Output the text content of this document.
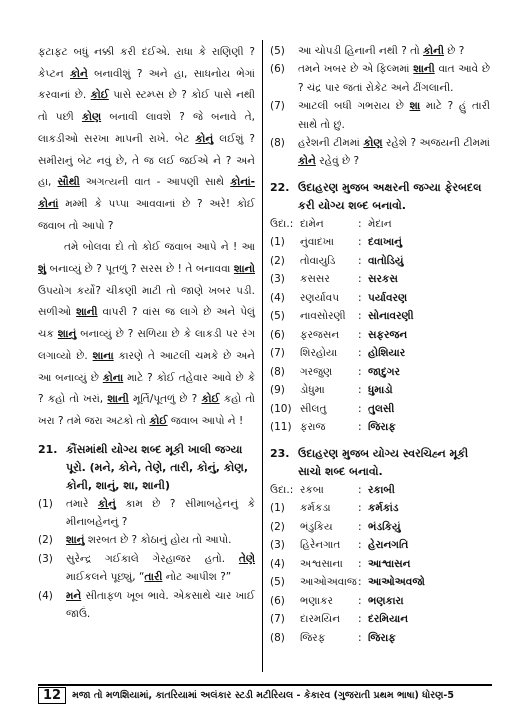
ફટાફટ બધું નક્કી કરી દઈએ. રાધા કે રાણિણી ? કેપ્ટન કોને બનાવીશું ? અને હા, સાધનોય ભેગાં કરવાનાં છે. કોઈ પાસે સ્ટમ્પ્સ છે ? કોઈ પાસે નથી તો પછી કોણ બનાવી લાવશે ? જે બનાવે તે, લાકડીઓ સરખા માપની રાખે. બેટ કોનું લઈશું ? સમીરાનું બેટ નવું છે, તે જ લઈ જઈએ ને ? અને હા, સૌથી અગત્યની વાત - આપણી સાથે કોનાં-કોનાં મમ્મી કે પપ્પા આવવાનાં છે ? અરે! કોઈ જવાબ તો આપો ?

તમે બોલવા દો તો કોઈ જવાબ આપે ને ! આ શું બનાવ્યું છે ? પૂતળું ? સરસ છે ! તે બનાવવા શાનો ઉપયોગ કર્યો? ચીકણી માટી તો જાણે ખબર પડી. સળીઓ શાની વાપરી ? વાંસ જ લાગે છે અને પેલું ચક શાનું બનાવ્યું છે ? સળિયા છે કે લાકડી પર રંગ લગાવ્યો છે. શાના કારણે તે આટલી ચમકે છે અને આ બનાવ્યું છે કોના માટે ? કોઈ તહેવાર આવે છે કે ? કહો તો ખરાં, શાની મૂર્તિ/પૂતળું છે ? કોઈ કહો તો ખરા ? તમે જરા અટકો તો કોઈ જવાબ આપો ને !

21. કૌંસમાંથી યોગ્ય શબ્દ મૂકી ખાલી જગ્યા પૂરો. (મને, કોને, તેણે, તારી, કોનું, કોણ, કોની, શાનું, શા, શાની)
(1)	તમારે કોનું કામ છે ? સીમાબહેનનું કે મીનાબહેનનું ?
(2)	શાનું શરબત છે ? કોઠાનું હોય તો આપો.
(3)	સુરેન્દ્ર ગઈકાલે ગેરહાજર હતો. તેણે માઈકલને પૂછ્યું, “તારી નોટ આપીશ ?”
(4)	મને સીતાફળ ખૂબ ભાવે. એકસાથે ચાર ખાઈ જાઉં.
(5)	આ ચોપડી હિનાની નથી ? તો કોની છે ?
(6)	તમને ખબર છે એ ફિલ્મમાં શાની વાત આવે છે ? ચંદ્ર પાર જતાં રોકેટ અને ઢીંગલાની.
(7)	આટલી બધી ગભરાય છે શા માટે ? હું તારી સાથે તો છું.
(8)	હરેશની ટીમમાં કોણ રહેશે ? અજયની ટીમમાં કોને રહેવું છે ?
22. ઉદાહરણ મુજબ અક્ષરની જગ્યા ફેરબદલ કરી યોગ્ય શબ્દ બનાવો.
ઉદા.: દામેન	: મેદાન
(1)	નુંવાદખા	: દવાખાનું
(2)	તોવાયુડિ	: વાતોડિયું
(3)	કસસર	: સરકસ
(4)	રણર્યાવપ	: પર્યાવરણ
(5)	નાવસોરણી	: સોનાવરણી
(6)	ફરજસન	: સફરજન
(7)	શિરહોયા	: હોશિયાર
(8)	ગરજુણ	: જાદુગર
(9)	ડોધુમા	: ધુમાડો
(10) સીલતુ	: તુલસી
(11) ફરાજ	: જિરાફ
23. ઉદાહરણ મુજબ યોગ્ય સ્વરચિહ્ન મૂકી સાચો શબ્દ બનાવો.
ઉદા.: રકબા	: રકાબી
(1)	કર્મકડા	: કર્મકાંડ
(2)	ભંડુકિય	: ભંડકિયું
(3)	હિરેનગાત	: હેરાનગતિ
(4)	અશ્વસાના	: આશ્વાસન
(5)	આઓઅવાજ : આઓઅવજો
(6)	ભણાકર	: ભણકારા
(7)	દારમયિન	: દરમિયાન
(8)	જિરફ	: જિરાફ
12	મજા તો મળશિયામાં, કાતરિયામાં અલંકાર સ્ટડી મટીરિયલ - કેકારવ (ગુજરાતી પ્રથમ ભાષા) ધોરણ-5
